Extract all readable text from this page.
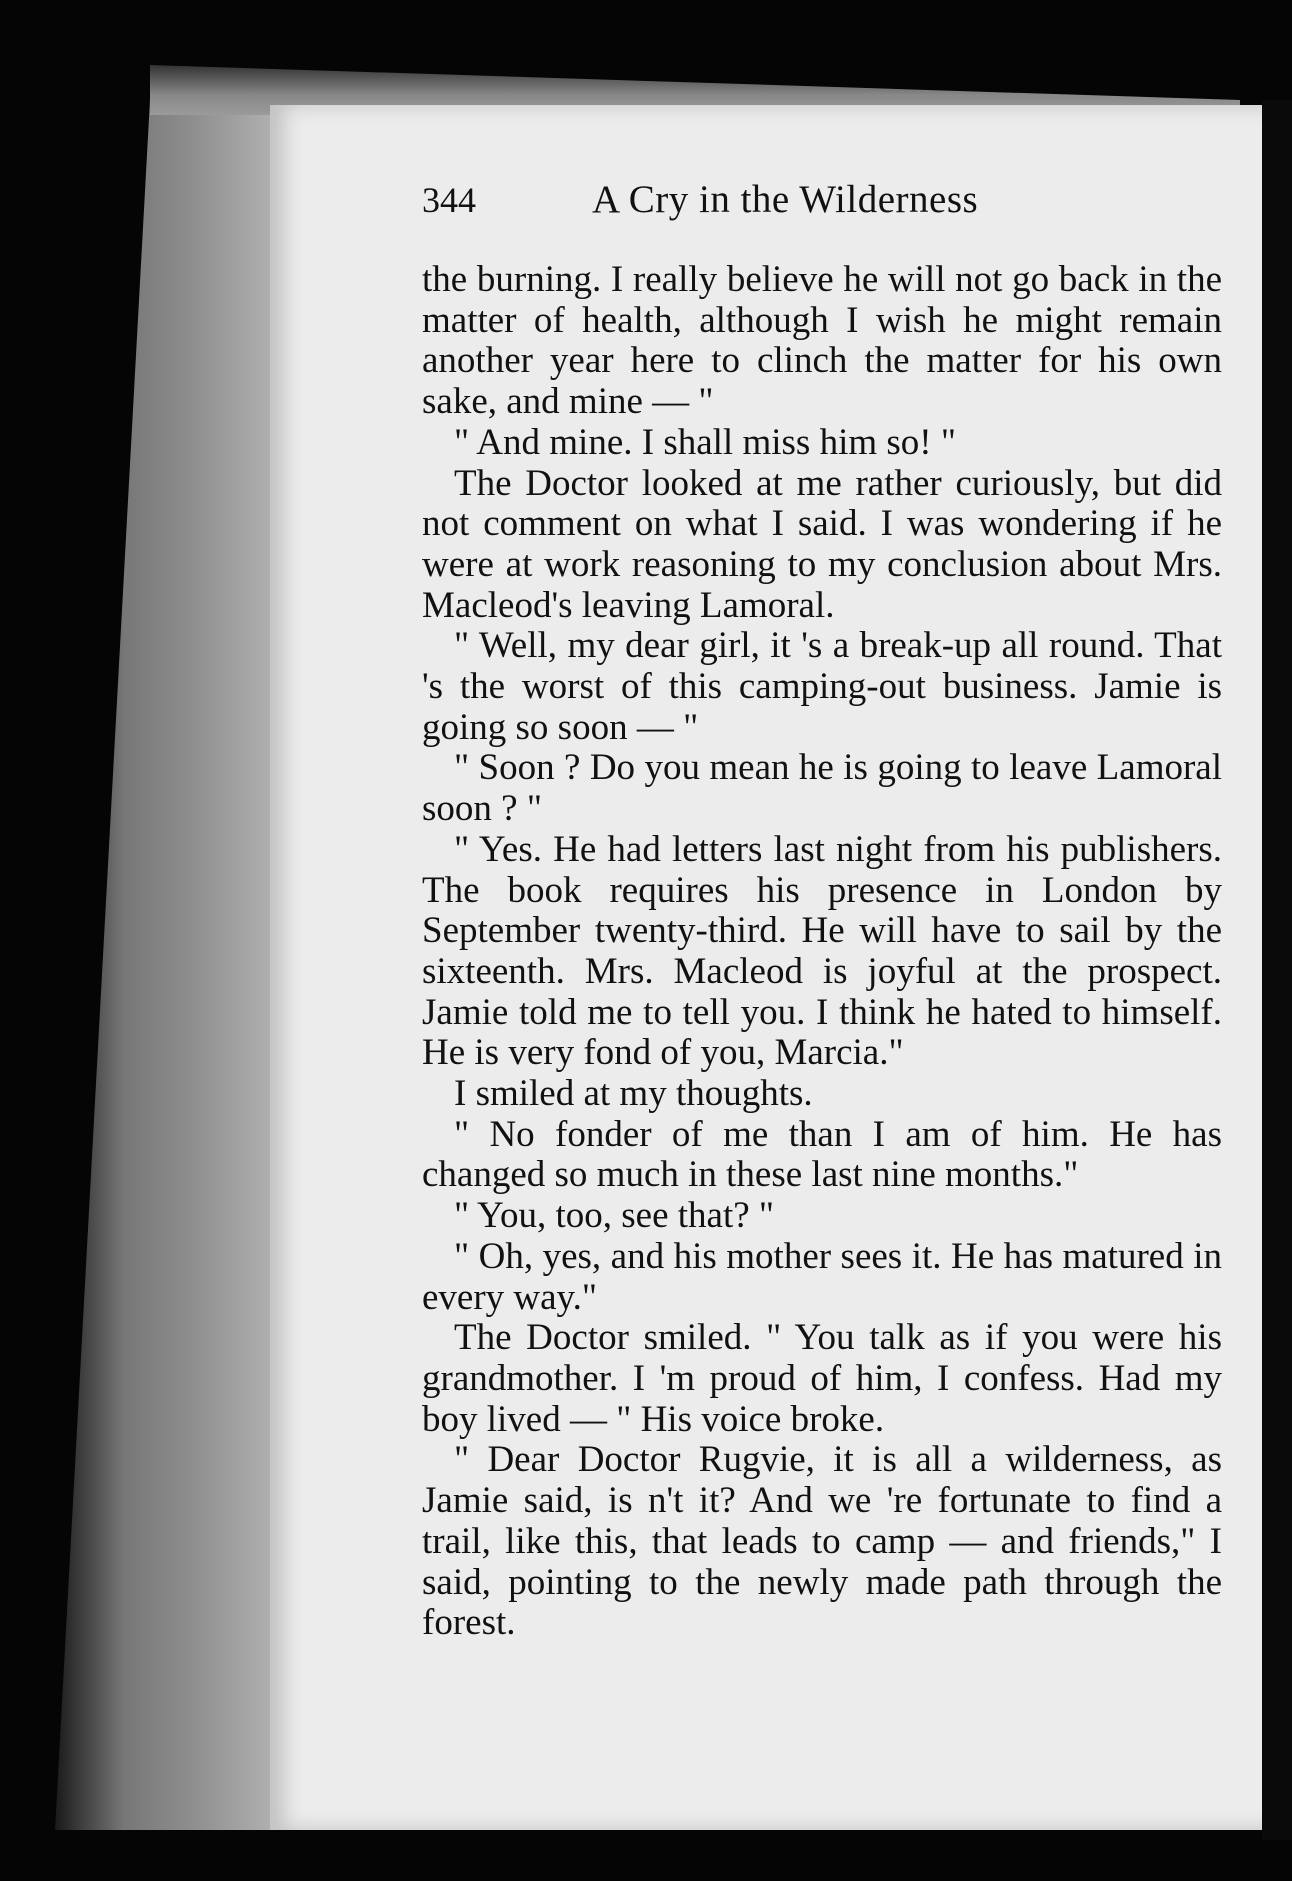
344	A Cry in the Wilderness

the burning. I really believe he will not go back in the matter of health, although I wish he might remain another year here to clinch the matter for his own sake, and mine — "

" And mine. I shall miss him so! "

The Doctor looked at me rather curiously, but did not comment on what I said. I was wondering if he were at work reasoning to my conclusion about Mrs. Macleod's leaving Lamoral.

" Well, my dear girl, it 's a break-up all round. That 's the worst of this camping-out business. Jamie is going so soon — "

" Soon ? Do you mean he is going to leave Lamoral soon ? "

" Yes. He had letters last night from his publishers. The book requires his presence in London by September twenty-third. He will have to sail by the sixteenth. Mrs. Macleod is joyful at the prospect. Jamie told me to tell you. I think he hated to himself. He is very fond of you, Marcia."

I smiled at my thoughts.

" No fonder of me than I am of him. He has changed so much in these last nine months."

" You, too, see that? "

" Oh, yes, and his mother sees it. He has matured in every way."

The Doctor smiled. " You talk as if you were his grandmother. I 'm proud of him, I confess. Had my boy lived — " His voice broke.

" Dear Doctor Rugvie, it is all a wilderness, as Jamie said, is n't it? And we 're fortunate to find a trail, like this, that leads to camp — and friends," I said, pointing to the newly made path through the forest.
